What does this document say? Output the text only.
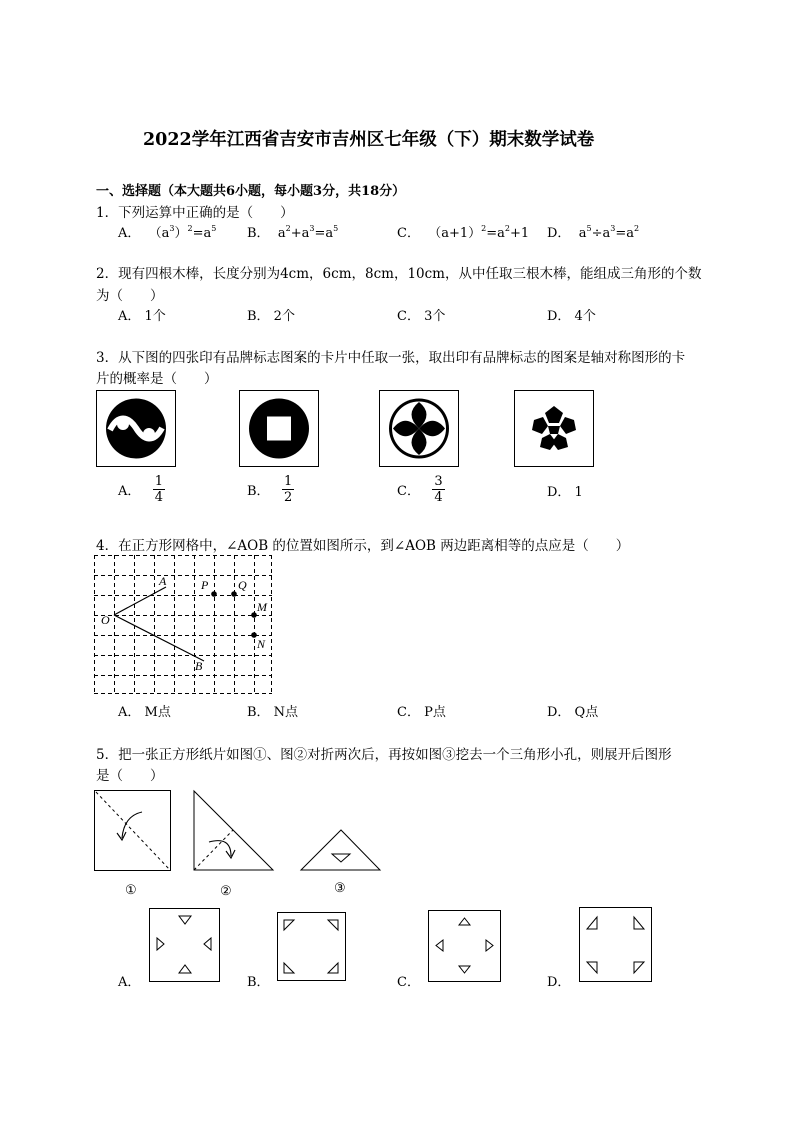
2022学年江西省吉安市吉州区七年级（下）期末数学试卷
一、选择题（本大题共6小题，每小题3分，共18分）
1．下列运算中正确的是（　　）
A． $(a^3)^2=a^5$ B． $a^2+a^3=a^5$	C． $(a+1)^2=a^2+1$ D． $a^5\div a^3=a^2$
2．现有四根木棒，长度分别为4cm，6cm，8cm，10cm，从中任取三根木棒，能组成三角形的个数
为（　　）
A． 1个	B． 2个	C． 3个	D． 4个
3．从下图的四张印有品牌标志图案的卡片中任取一张，取出印有品牌标志的图案是轴对称图形的卡
片的概率是（　　）
A． $\frac{1}{4}$	B． $\frac{1}{2}$	C． $\frac{3}{4}$	D． 1
4．在正方形网格中，∠AOB 的位置如图所示，到∠AOB 两边距离相等的点应是（　　）
O
A
B
P Q
M
N
A． M点	B． N点	C． P点	D． Q点
5．把一张正方形纸片如图①、图②对折两次后，再按如图③挖去一个三角形小孔，则展开后图形
是（　　）
①	②	③
A．	B．	C．	D．
